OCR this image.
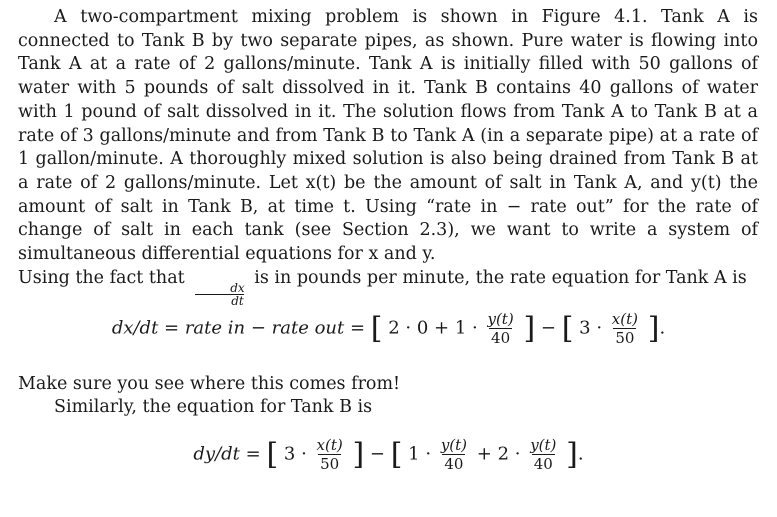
A two-compartment mixing problem is shown in Figure 4.1. Tank A is connected to Tank B by two separate pipes, as shown. Pure water is flowing into Tank A at a rate of 2 gallons/minute. Tank A is initially filled with 50 gallons of water with 5 pounds of salt dissolved in it. Tank B contains 40 gallons of water with 1 pound of salt dissolved in it. The solution flows from Tank A to Tank B at a rate of 3 gallons/minute and from Tank B to Tank A (in a separate pipe) at a rate of 1 gallon/minute. A thoroughly mixed solution is also being drained from Tank B at a rate of 2 gallons/minute. Let x(t) be the amount of salt in Tank A, and y(t) the amount of salt in Tank B, at time t. Using “rate in − rate out” for the rate of change of salt in each tank (see Section 2.3), we want to write a system of simultaneous differential equations for x and y.
Using the fact that
$\frac{dx}{dt}$
is in pounds per minute, the rate equation for Tank A is

dx/dt = rate in − rate out = [ $2 \cdot 0 + 1 \cdot \frac{y(t)}{40}$ ] − [ $3 \cdot \frac{x(t)}{50}$ ].
Make sure you see where this comes from!
Similarly, the equation for Tank B is
dy/dt = [ $3 \cdot \frac{x(t)}{50}$ ] − [ $1 \cdot \frac{y(t)}{40} + 2 \cdot \frac{y(t)}{40}$ ].
